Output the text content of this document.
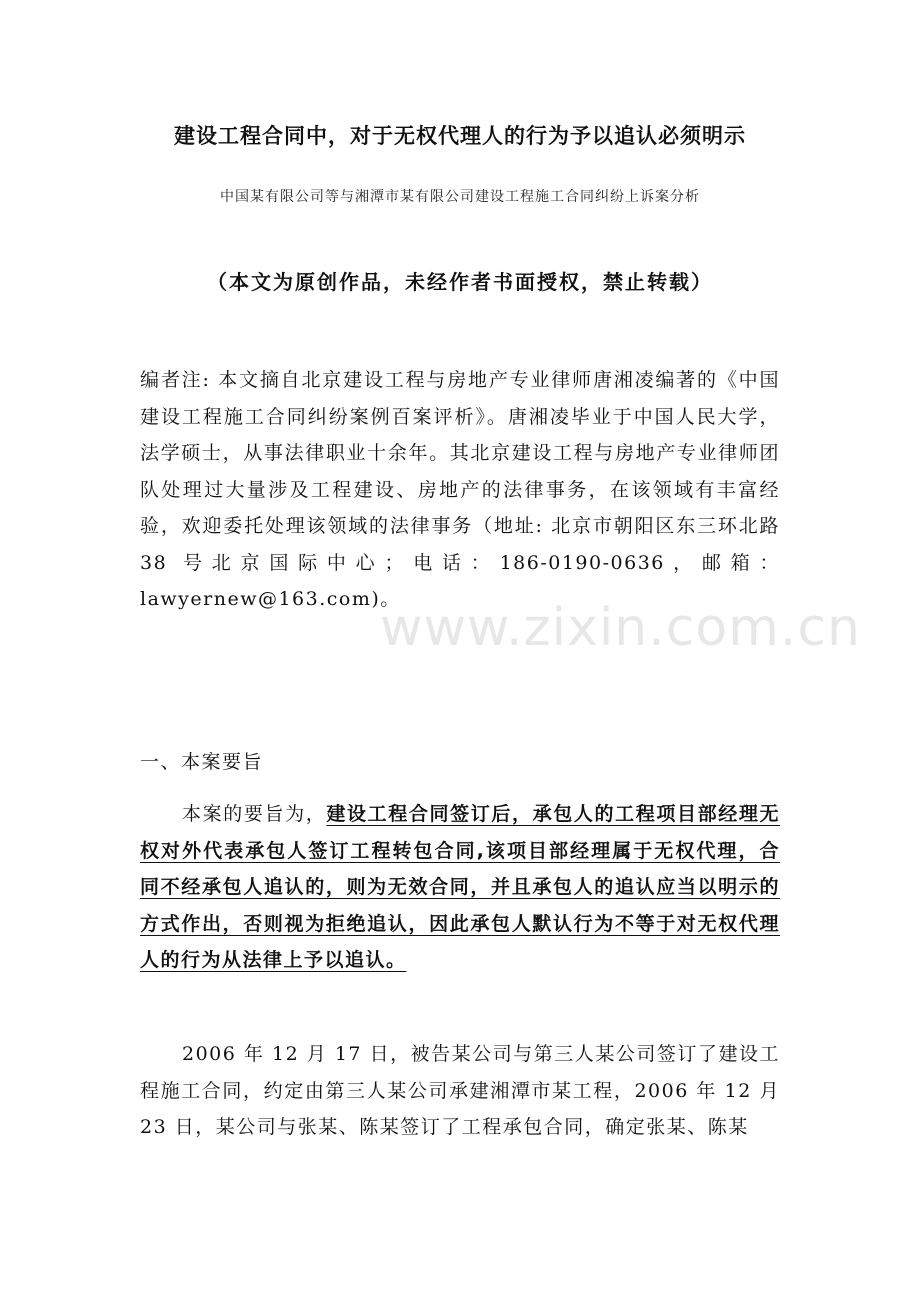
建设工程合同中，对于无权代理人的行为予以追认必须明示
中国某有限公司等与湘潭市某有限公司建设工程施工合同纠纷上诉案分析
（本文为原创作品，未经作者书面授权，禁止转载）

编者注: 本文摘自北京建设工程与房地产专业律师唐湘凌编著的《中国建设工程施工合同纠纷案例百案评析》。唐湘凌毕业于中国人民大学，法学硕士，从事法律职业十余年。其北京建设工程与房地产专业律师团队处理过大量涉及工程建设、房地产的法律事务，在该领域有丰富经验，欢迎委托处理该领域的法律事务（地址: 北京市朝阳区东三环北路 38 号北京国际中心；电话：186-0190-0636，邮箱：lawyernew@163.com)。

一、本案要旨

本案的要旨为，建设工程合同签订后，承包人的工程项目部经理无权对外代表承包人签订工程转包合同,该项目部经理属于无权代理，合同不经承包人追认的，则为无效合同，并且承包人的追认应当以明示的方式作出，否则视为拒绝追认，因此承包人默认行为不等于对无权代理人的行为从法律上予以追认。

2006 年 12 月 17 日，被告某公司与第三人某公司签订了建设工程施工合同，约定由第三人某公司承建湘潭市某工程，2006 年 12 月 23 日，某公司与张某、陈某签订了工程承包合同，确定张某、陈某

www.zixin.com.cn
